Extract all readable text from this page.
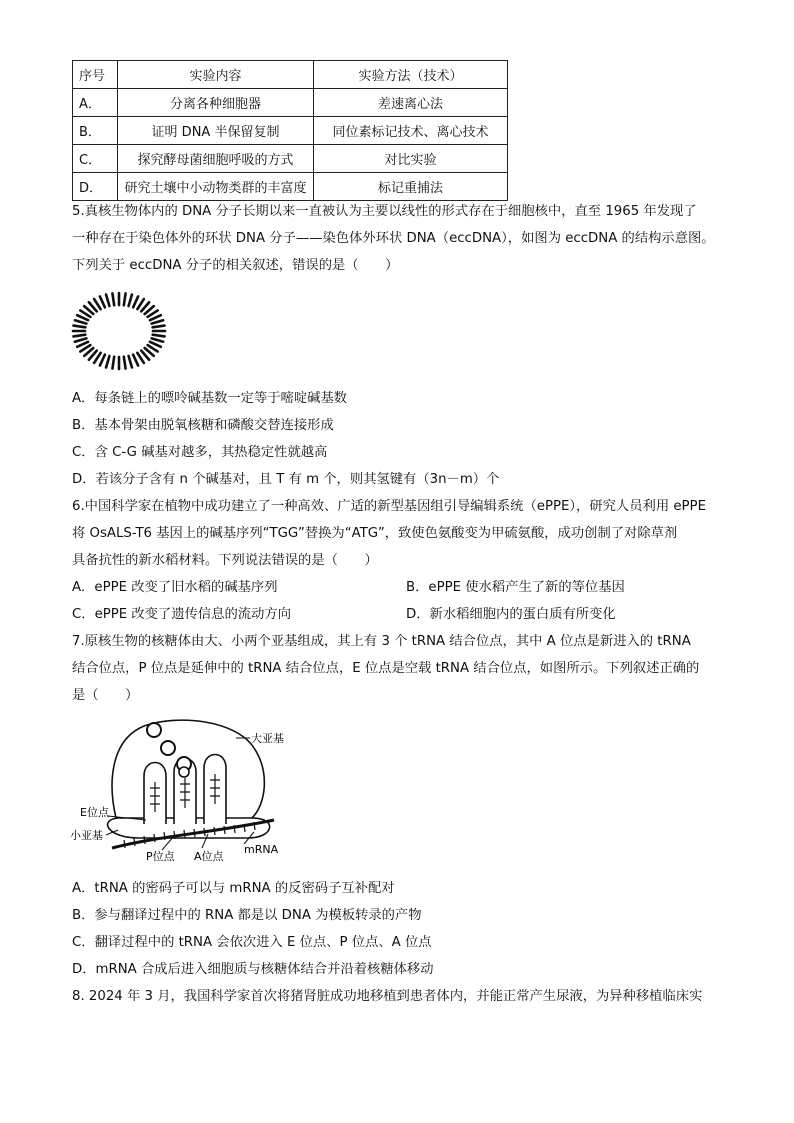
序号	实验内容	实验方法（技术）
A．	分离各种细胞器	差速离心法
B．	证明 DNA 半保留复制	同位素标记技术、离心技术
C．	探究酵母菌细胞呼吸的方式	对比实验
D．	研究土壤中小动物类群的丰富度	标记重捕法
5.真核生物体内的 DNA 分子长期以来一直被认为主要以线性的形式存在于细胞核中，直至 1965 年发现了
一种存在于染色体外的环状 DNA 分子——染色体外环状 DNA（eccDNA），如图为 eccDNA 的结构示意图。
下列关于 eccDNA 分子的相关叙述，错误的是（　　）
A．每条链上的嘌呤碱基数一定等于嘧啶碱基数
B．基本骨架由脱氧核糖和磷酸交替连接形成
C．含 C-G 碱基对越多，其热稳定性就越高
D．若该分子含有 n 个碱基对，且 T 有 m 个，则其氢键有（3n－m）个
6.中国科学家在植物中成功建立了一种高效、广适的新型基因组引导编辑系统（ePPE），研究人员利用 ePPE
将 OsALS-T6 基因上的碱基序列“TGG”替换为“ATG”，致使色氨酸变为甲硫氨酸，成功创制了对除草剂
具备抗性的新水稻材料。下列说法错误的是（　　）
A．ePPE 改变了旧水稻的碱基序列	B．ePPE 使水稻产生了新的等位基因
C．ePPE 改变了遗传信息的流动方向	D．新水稻细胞内的蛋白质有所变化
7.原核生物的核糖体由大、小两个亚基组成，其上有 3 个 tRNA 结合位点，其中 A 位点是新进入的 tRNA
结合位点，P 位点是延伸中的 tRNA 结合位点，E 位点是空载 tRNA 结合位点，如图所示。下列叙述正确的
是（　　）
大亚基
E位点
小亚基
P位点 A位点
mRNA
A．tRNA 的密码子可以与 mRNA 的反密码子互补配对
B．参与翻译过程中的 RNA 都是以 DNA 为模板转录的产物
C．翻译过程中的 tRNA 会依次进入 E 位点、P 位点、A 位点
D．mRNA 合成后进入细胞质与核糖体结合并沿着核糖体移动
8. 2024 年 3 月，我国科学家首次将猪肾脏成功地移植到患者体内，并能正常产生尿液，为异种移植临床实
